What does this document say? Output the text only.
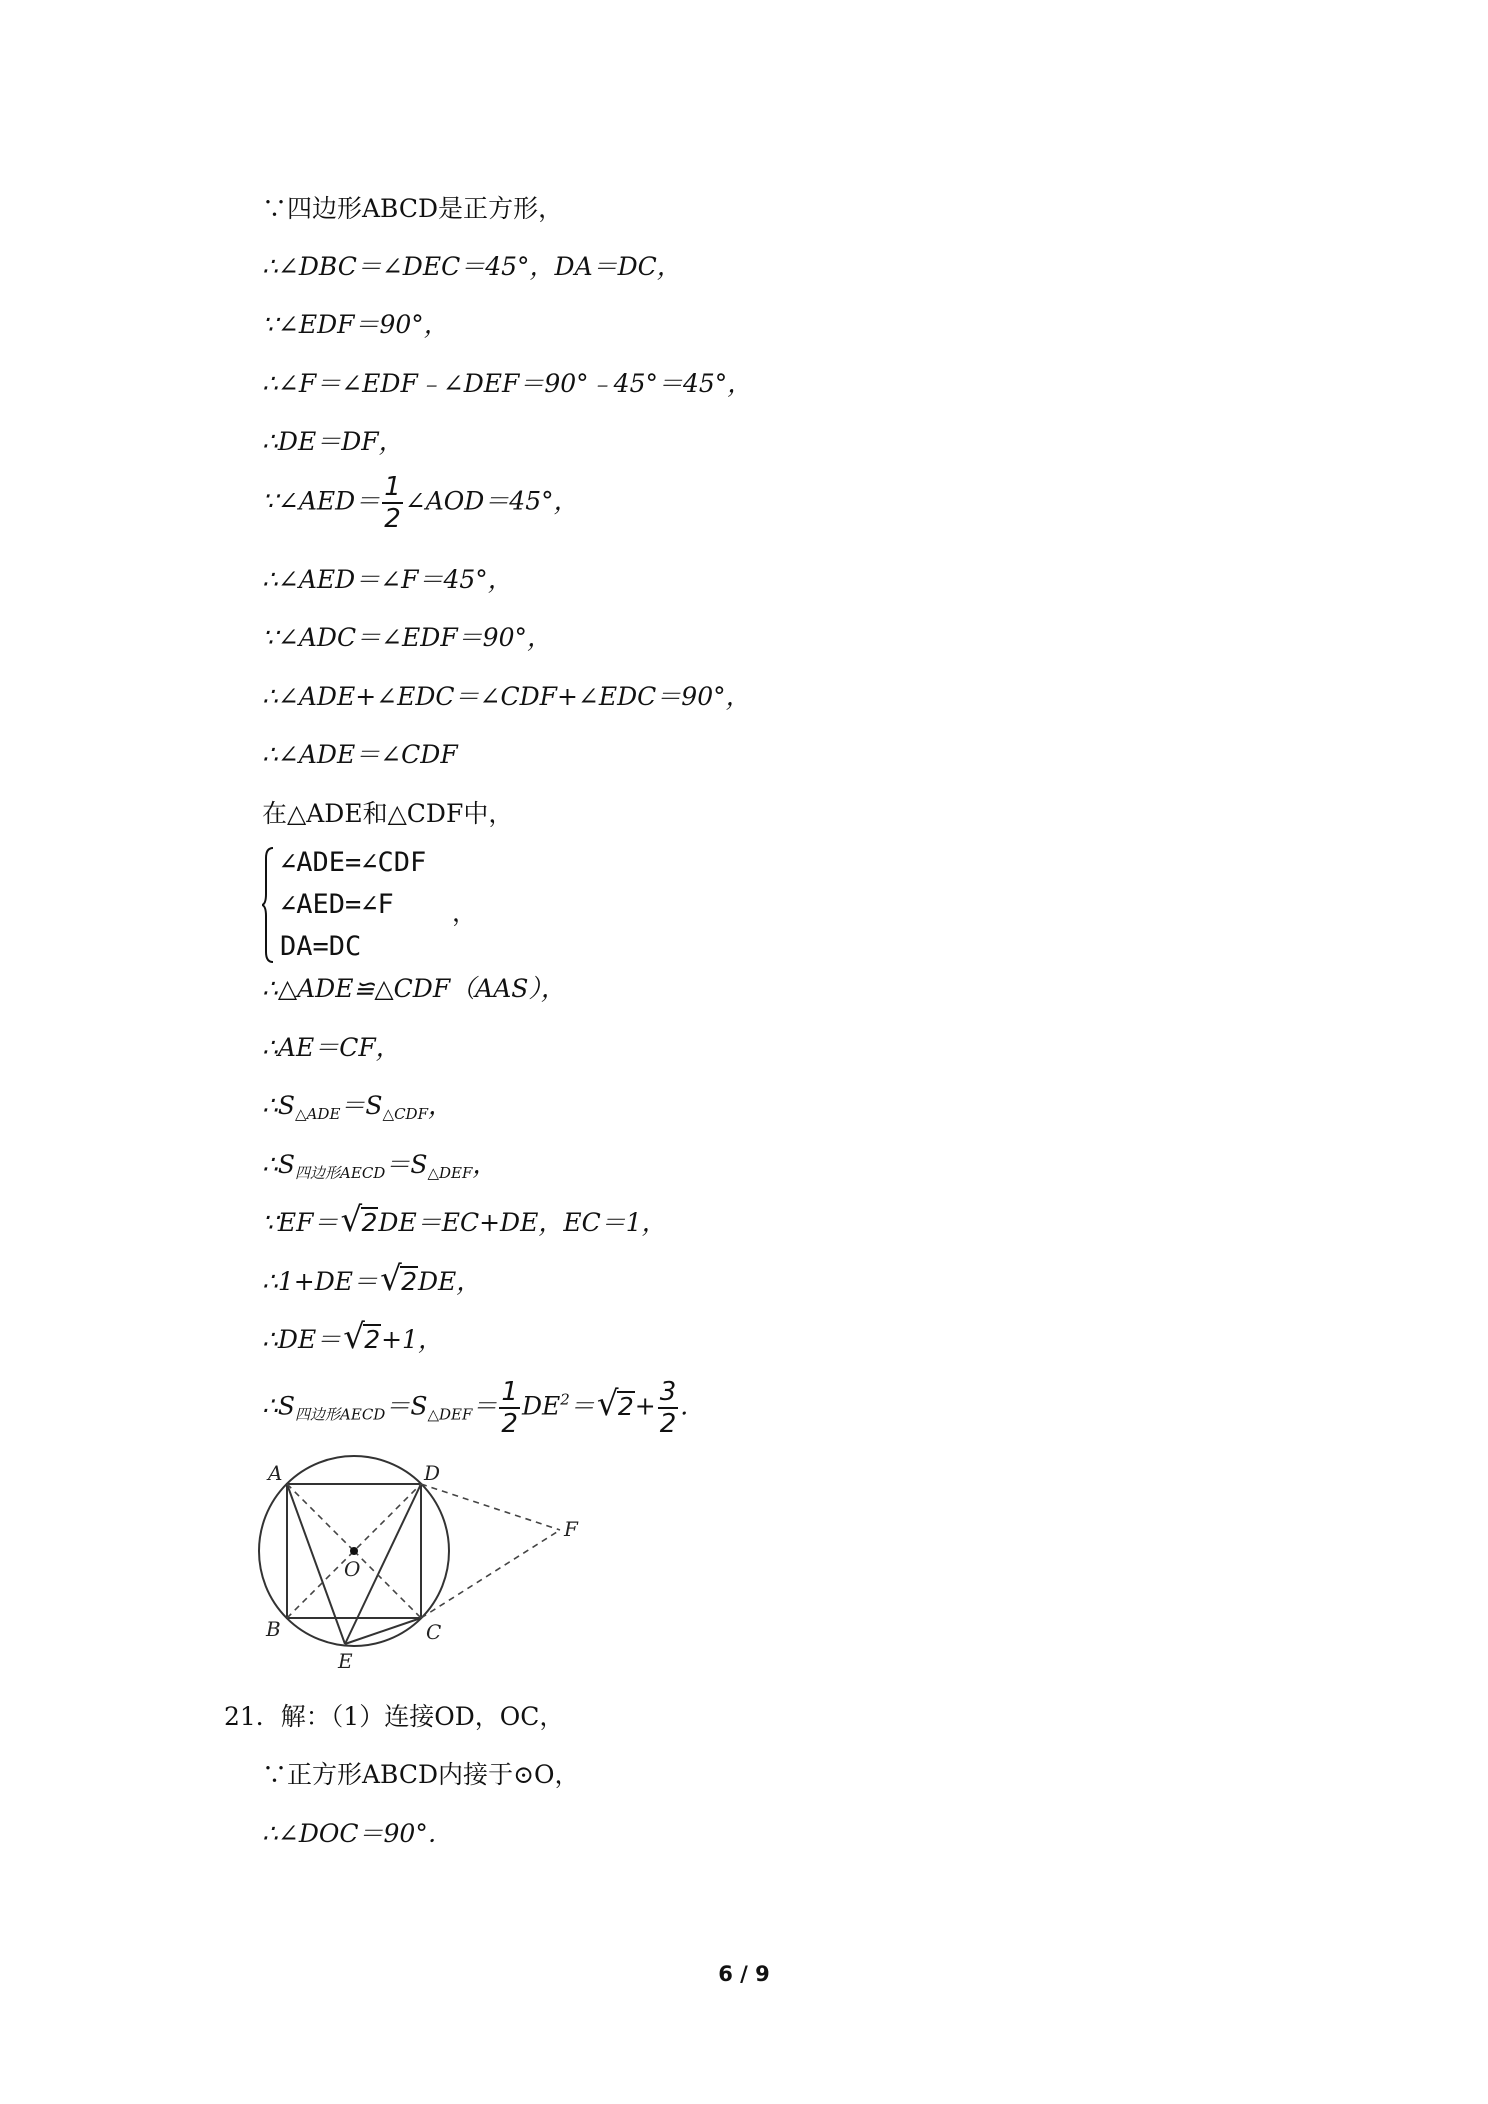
∵四边形ABCD是正方形，
∴∠DBC＝∠DEC＝45°，DA＝DC，
∵∠EDF＝90°，
∴∠F＝∠EDF﹣∠DEF＝90°﹣45°＝45°，
∴DE＝DF，
∵∠AED＝ $\frac{1}{2}$ ∠AOD＝45°，
∴∠AED＝∠F＝45°，
∵∠ADC＝∠EDF＝90°，
∴∠ADE+∠EDC＝∠CDF+∠EDC＝90°，
∴∠ADE＝∠CDF
在△ADE和△CDF中，
∠ADE=∠CDF
∠AED=∠F
DA=DC
，
∴△ADE≌△CDF（AAS），
∴AE＝CF，
$\therefore S_{\triangle ADE}=S_{\triangle CDF}$，
$\therefore S_{四边形AECD}=S_{\triangle DEF}$，
∵EF＝ √ 2DE＝EC+DE，EC＝1，
∴1+DE＝ √ 2DE，
∴DE＝ √ 2+1，
$\therefore S_{四边形AECD}=S_{\triangle DEF}= \frac{1}{2} DE^2=$ √ $2+ \frac{3}{2}$ .
A	D
B	C
E
F
O
21．解：（1）连接OD，OC，
∵正方形ABCD内接于⊙O，
∴∠DOC＝90°．
6 / 9
